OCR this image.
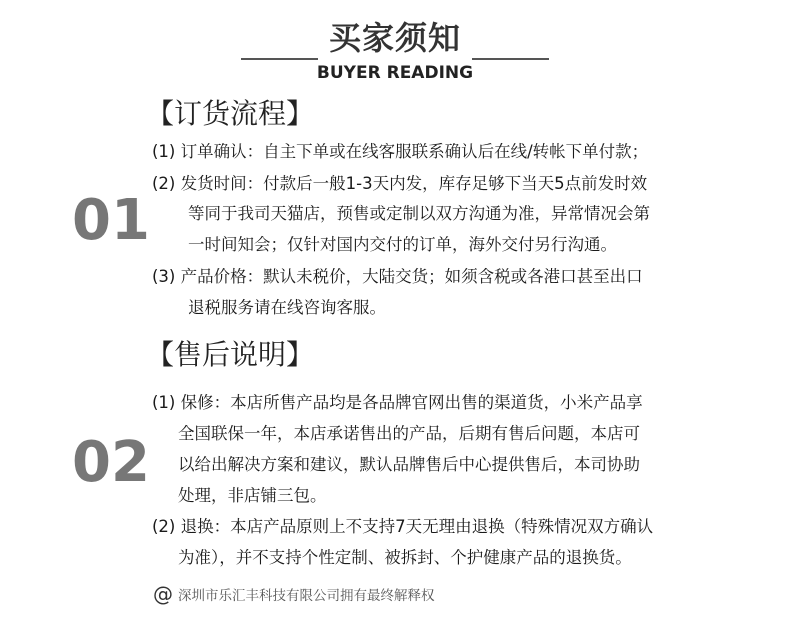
买家须知
BUYER READING
【订货流程】
01
(1) 订单确认：自主下单或在线客服联系确认后在线/转帐下单付款；
(2) 发货时间：付款后一般1-3天内发，库存足够下当天5点前发时效
等同于我司天猫店，预售或定制以双方沟通为准，异常情况会第
一时间知会；仅针对国内交付的订单，海外交付另行沟通。
(3) 产品价格：默认未税价，大陆交货；如须含税或各港口甚至出口
退税服务请在线咨询客服。
【售后说明】
02
(1) 保修：本店所售产品均是各品牌官网出售的渠道货，小米产品享
全国联保一年，本店承诺售出的产品，后期有售后问题，本店可
以给出解决方案和建议，默认品牌售后中心提供售后，本司协助
处理，非店铺三包。
(2) 退换：本店产品原则上不支持7天无理由退换（特殊情况双方确认
为准），并不支持个性定制、被拆封、个护健康产品的退换货。
@ 深圳市乐汇丰科技有限公司拥有最终解释权
